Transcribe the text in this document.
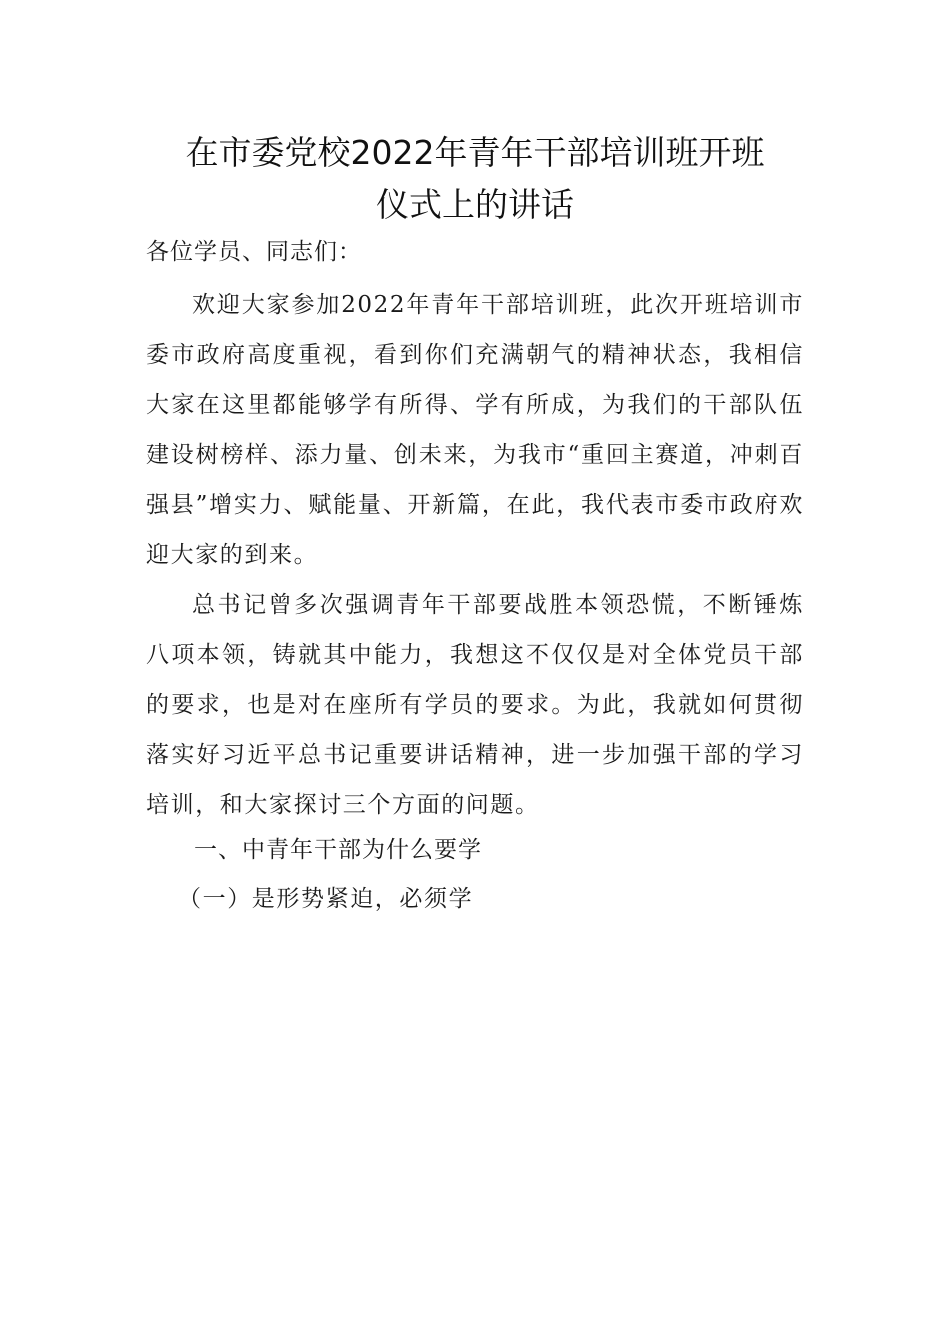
在市委党校2022年青年干部培训班开班
仪式上的讲话

各位学员、同志们：

欢迎大家参加2022年青年干部培训班，此次开班培训市委市政府高度重视，看到你们充满朝气的精神状态，我相信大家在这里都能够学有所得、学有所成，为我们的干部队伍建设树榜样、添力量、创未来，为我市“重回主赛道，冲刺百强县”增实力、赋能量、开新篇，在此，我代表市委市政府欢迎大家的到来。

总书记曾多次强调青年干部要战胜本领恐慌，不断锤炼八项本领，铸就其中能力，我想这不仅仅是对全体党员干部的要求，也是对在座所有学员的要求。为此，我就如何贯彻落实好习近平总书记重要讲话精神，进一步加强干部的学习培训，和大家探讨三个方面的问题。

一、中青年干部为什么要学

（一）是形势紧迫，必须学
